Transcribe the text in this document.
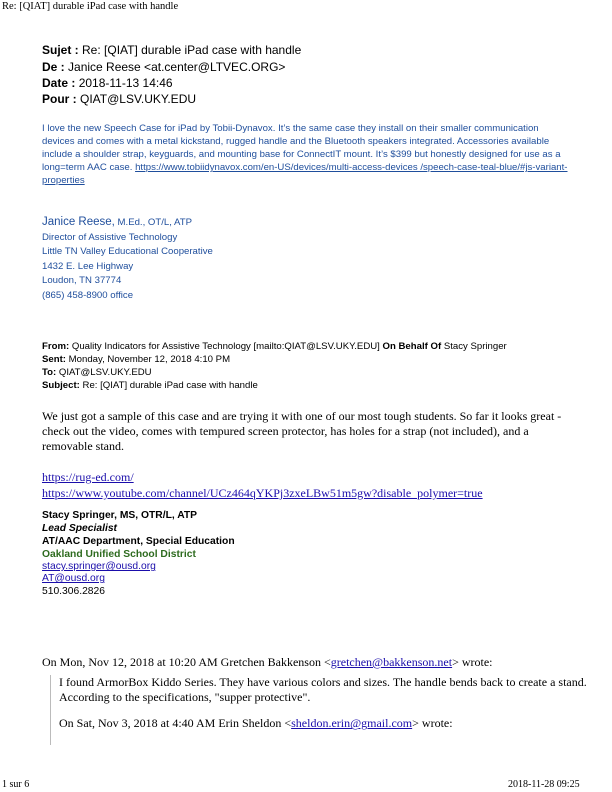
Re: [QIAT] durable iPad case with handle
Sujet : Re: [QIAT] durable iPad case with handle
De : Janice Reese <at.center@LTVEC.ORG>
Date : 2018-11-13 14:46
Pour : QIAT@LSV.UKY.EDU
I love the new Speech Case for iPad by Tobii-Dynavox. It’s the same case they install on their smaller communication devices and comes with a metal kickstand, rugged handle and the Bluetooth speakers integrated. Accessories available include a shoulder strap, keyguards, and mounting base for ConnectIT mount. It’s $399 but honestly designed for use as a long=term AAC case. https://www.tobiidynavox.com/en-US/devices/multi-access-devices /speech-case-teal-blue/#js-variant-properties
Janice Reese, M.Ed., OT/L, ATP
Director of Assistive Technology
Little TN Valley Educational Cooperative
1432 E. Lee Highway
Loudon, TN 37774
(865) 458-8900 office
From: Quality Indicators for Assistive Technology [mailto:QIAT@LSV.UKY.EDU] On Behalf Of Stacy Springer
Sent: Monday, November 12, 2018 4:10 PM
To: QIAT@LSV.UKY.EDU
Subject: Re: [QIAT] durable iPad case with handle
We just got a sample of this case and are trying it with one of our most tough students. So far it looks great - check out the video, comes with tempured screen protector, has holes for a strap (not included), and a removable stand.
https://rug-ed.com/
https://www.youtube.com/channel/UCz464qYKPj3zxeLBw51m5gw?disable_polymer=true
Stacy Springer, MS, OTR/L, ATP
Lead Specialist
AT/AAC Department, Special Education
Oakland Unified School District
stacy.springer@ousd.org
AT@ousd.org
510.306.2826
On Mon, Nov 12, 2018 at 10:20 AM Gretchen Bakkenson <gretchen@bakkenson.net> wrote:

I found ArmorBox Kiddo Series. They have various colors and sizes. The handle bends back to create a stand. According to the specifications, "supper protective".

On Sat, Nov 3, 2018 at 4:40 AM Erin Sheldon <sheldon.erin@gmail.com> wrote:

1 sur 6	2018-11-28 09:25
